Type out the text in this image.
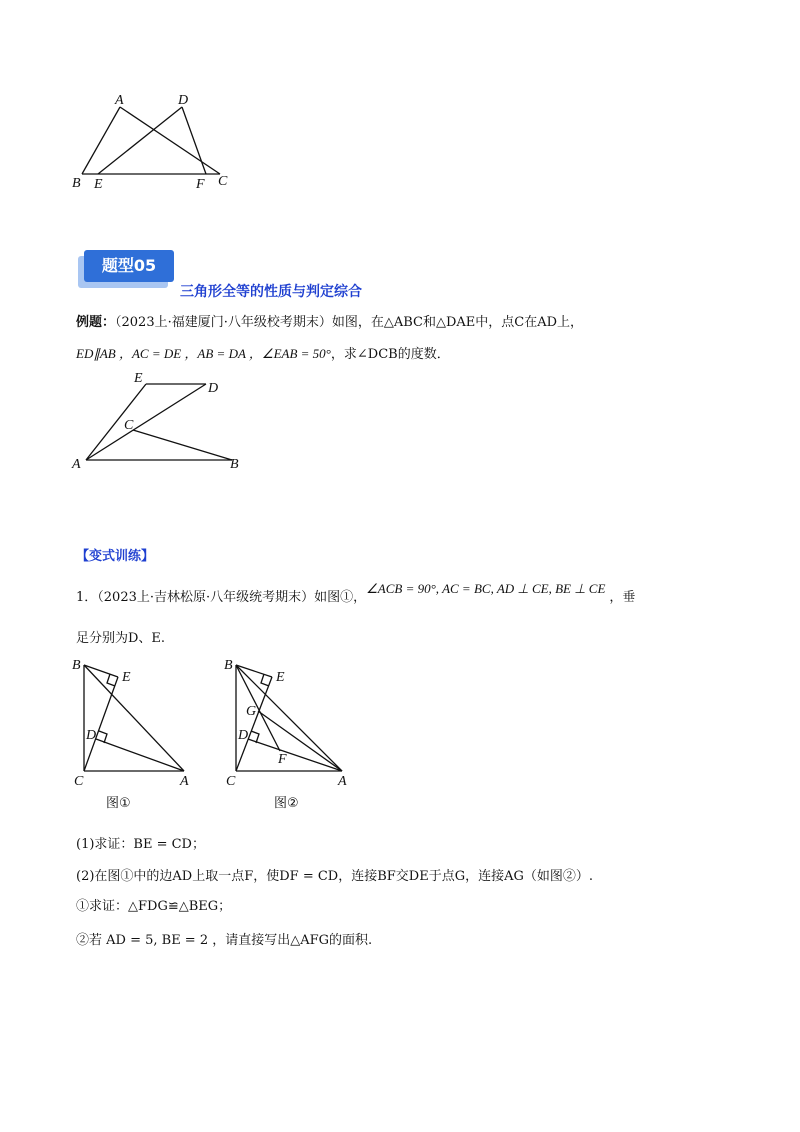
A	D
B E	F C
题型05
三角形全等的性质与判定综合
例题：（2023上·福建厦门·八年级校考期末）如图，在△ABC和△DAE中，点C在AD上，
ED∥AB ，AC = DE ，AB = DA ，∠EAB = 50°，求∠DCB的度数．
E
D
C
A	B
【变式训练】
1．（2023上·吉林松原·八年级统考期末）如图①，∠ACB = 90°, AC = BC, AD ⊥ CE, BE ⊥ CE，垂
足分别为D、E.
B
E
D
C	A
图①
B
E
G
D
F
C	A
图②
(1)求证：BE = CD；
(2)在图①中的边AD上取一点F，使DF = CD，连接BF交DE于点G，连接AG（如图②）.
①求证：△FDG≌△BEG；
②若 AD = 5, BE = 2 ，请直接写出△AFG的面积.
